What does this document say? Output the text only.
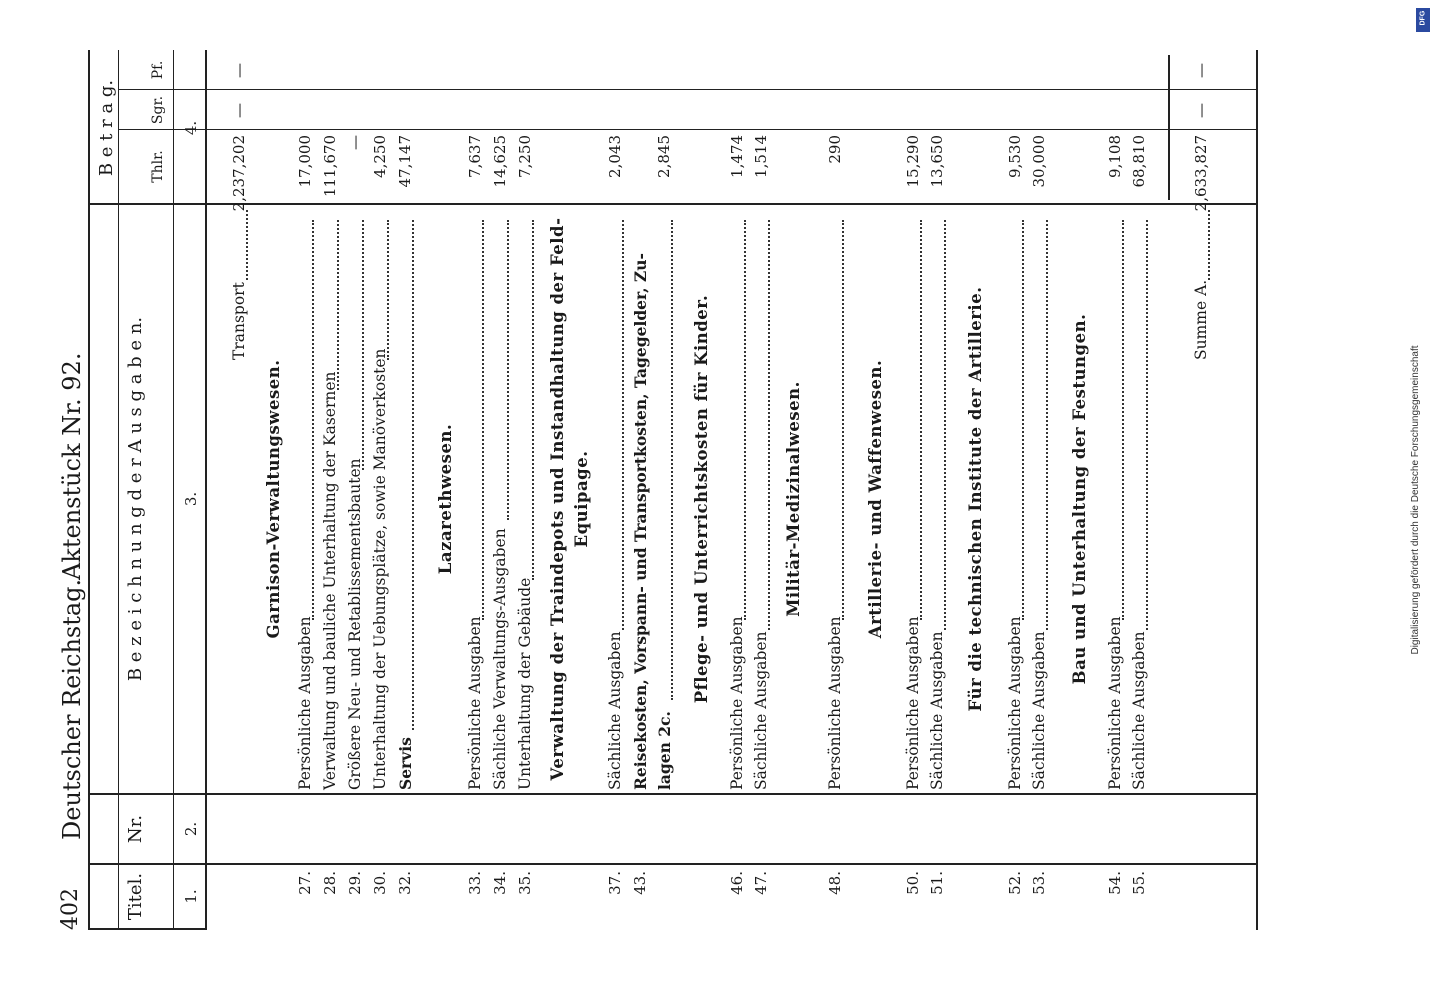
402
Deutscher Reichstag.
Aktenstück Nr. 92.
Titel.
Nr.
B e z e i c h n u n g d e r A u s g a b e n.
B e t r a g. Thlr.
Sgr.
Pf.
1.
2.
3.
4.
Transport
2,237,202
Garnison-Verwaltungswesen.
27.
Persönliche Ausgaben
17,000
28.
Verwaltung und bauliche Unterhaltung der Kasernen
111,670
29.
Größere Neu- und Retablissementsbauten
—
30.
Unterhaltung der Uebungsplätze, sowie Manöverkosten
4,250
32.
Servis
47,147
Lazarethwesen.
33.
Persönliche Ausgaben
7,637
34.
Sächliche Verwaltungs-Ausgaben
14,625
35.
Unterhaltung der Gebäude
7,250
Verwaltung der Traindepots und Instandhaltung der Feld- Equipage.
37.
Sächliche Ausgaben
2,043
43.
Reisekosten, Vorspann- und Transportkosten, Tagegelder, Zu- lagen 2c.
2,845
Pflege- und Unterrichtskosten für Kinder.
46.
Persönliche Ausgaben
1,474
47.
Sächliche Ausgaben
1,514
Militär-Medizinalwesen.
48.
Persönliche Ausgaben
290
Artillerie- und Waffenwesen.
50.
Persönliche Ausgaben
15,290
51.
Sächliche Ausgaben
13,650
Für die technischen Institute der Artillerie.
52.
Persönliche Ausgaben
9,530
53.
Sächliche Ausgaben
30,000
Bau und Unterhaltung der Festungen.
54.
Persönliche Ausgaben
9,108
55.
Sächliche Ausgaben
68,810
Summe A.
2,633,827
—
—
—
—
DFG
Digitalisierung gefördert durch die Deutsche Forschungsgemeinschaft
